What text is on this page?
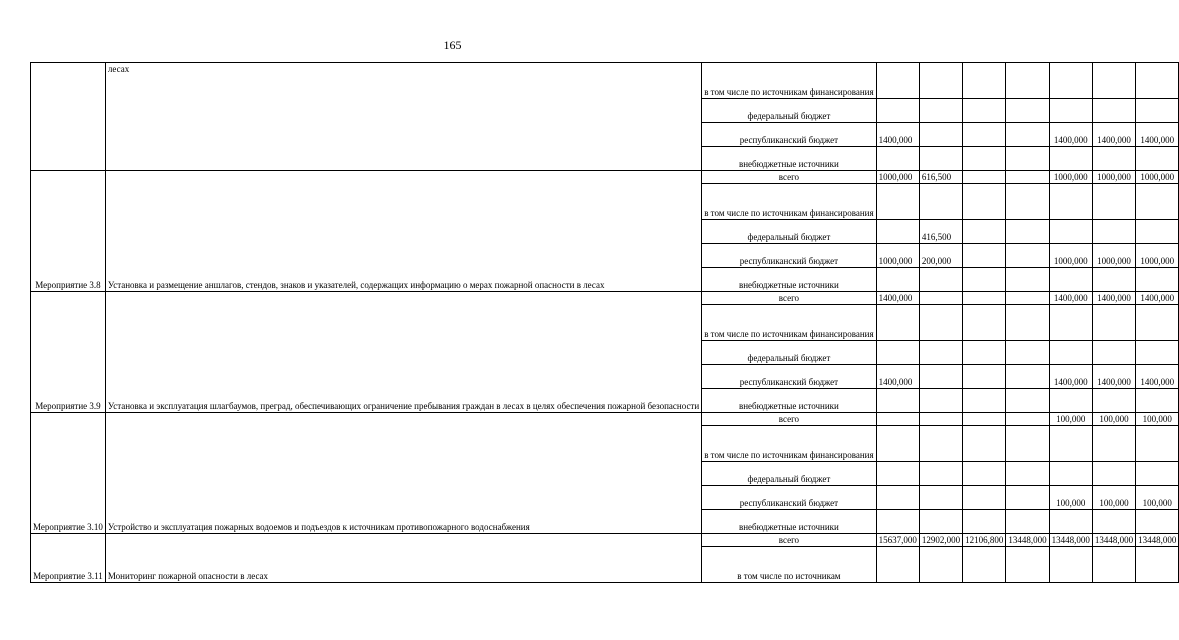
165
	лесах	в том числе по источникам финансирования							
		федеральный бюджет							
		республиканский бюджет	1400,000				1400,000	1400,000	1400,000
		внебюджетные источники							
Мероприятие 3.8	Установка и размещение аншлагов, стендов, знаков и указателей, содержащих информацию о мерах пожарной опасности в лесах	всего	1000,000	616,500			1000,000	1000,000	1000,000
		в том числе по источникам финансирования							
		федеральный бюджет		416,500					
		республиканский бюджет	1000,000	200,000			1000,000	1000,000	1000,000
		внебюджетные источники							
Мероприятие 3.9	Установка и эксплуатация шлагбаумов, преград, обеспечивающих ограничение пребывания граждан в лесах в целях обеспечения пожарной безопасности	всего	1400,000				1400,000	1400,000	1400,000
		в том числе по источникам финансирования							
		федеральный бюджет							
		республиканский бюджет	1400,000				1400,000	1400,000	1400,000
		внебюджетные источники							
Мероприятие 3.10	Устройство и эксплуатация пожарных водоемов и подъездов к источникам противопожарного водоснабжения	всего					100,000	100,000	100,000
		в том числе по источникам финансирования							
		федеральный бюджет							
		республиканский бюджет					100,000	100,000	100,000
		внебюджетные источники							
Мероприятие 3.11	Мониторинг пожарной опасности в лесах	всего	15637,000	12902,000	12106,800	13448,000	13448,000	13448,000	13448,000
		в том числе по источникам							
